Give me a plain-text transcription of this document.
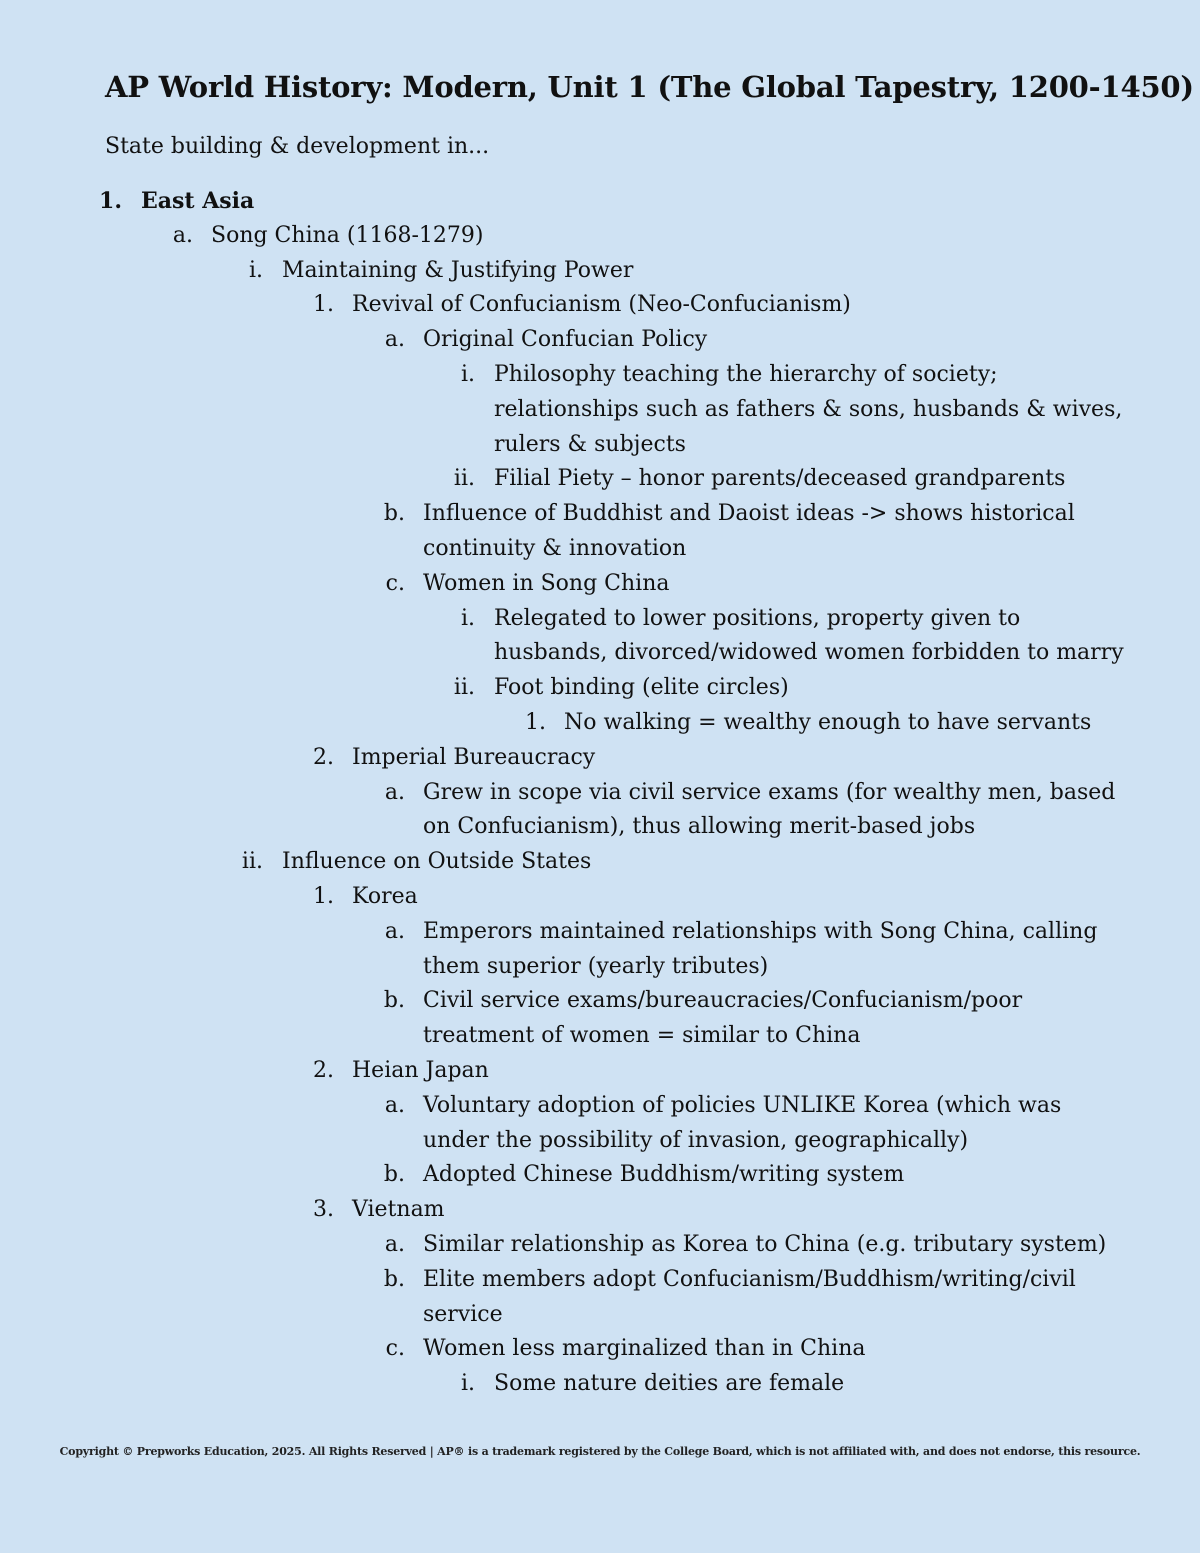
AP World History: Modern, Unit 1 (The Global Tapestry, 1200-1450)
State building & development in...
1. East Asia
a. Song China (1168-1279)
i. Maintaining & Justifying Power
1. Revival of Confucianism (Neo-Confucianism)
a. Original Confucian Policy
i. Philosophy teaching the hierarchy of society; relationships such as fathers & sons, husbands & wives, rulers & subjects
ii. Filial Piety – honor parents/deceased grandparents
b. Influence of Buddhist and Daoist ideas -> shows historical continuity & innovation
c. Women in Song China
i. Relegated to lower positions, property given to husbands, divorced/widowed women forbidden to marry
ii. Foot binding (elite circles)
1. No walking = wealthy enough to have servants
2. Imperial Bureaucracy
a. Grew in scope via civil service exams (for wealthy men, based on Confucianism), thus allowing merit-based jobs
ii. Influence on Outside States
1. Korea
a. Emperors maintained relationships with Song China, calling them superior (yearly tributes)
b. Civil service exams/bureaucracies/Confucianism/poor treatment of women = similar to China
2. Heian Japan
a. Voluntary adoption of policies UNLIKE Korea (which was under the possibility of invasion, geographically)
b. Adopted Chinese Buddhism/writing system
3. Vietnam
a. Similar relationship as Korea to China (e.g. tributary system)
b. Elite members adopt Confucianism/Buddhism/writing/civil service
c. Women less marginalized than in China
i. Some nature deities are female
Copyright © Prepworks Education, 2025. All Rights Reserved | AP® is a trademark registered by the College Board, which is not affiliated with, and does not endorse, this resource.
